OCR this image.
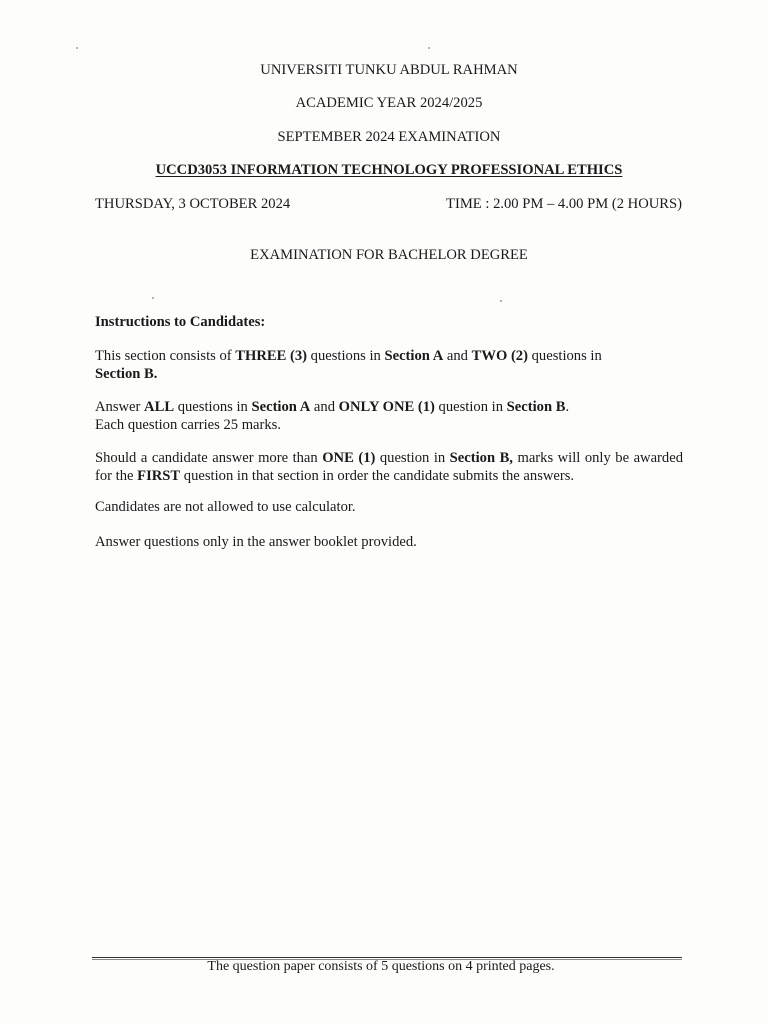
UNIVERSITI TUNKU ABDUL RAHMAN
ACADEMIC YEAR 2024/2025
SEPTEMBER 2024 EXAMINATION
UCCD3053 INFORMATION TECHNOLOGY PROFESSIONAL ETHICS
THURSDAY, 3 OCTOBER 2024	TIME : 2.00 PM – 4.00 PM (2 HOURS)
EXAMINATION FOR BACHELOR DEGREE
Instructions to Candidates:
This section consists of THREE (3) questions in Section A and TWO (2) questions in
Section B.
Answer ALL questions in Section A and ONLY ONE (1) question in Section B.
Each question carries 25 marks.
Should a candidate answer more than ONE (1) question in Section B, marks will only be awarded for the FIRST question in that section in order the candidate submits the answers.
Candidates are not allowed to use calculator.
Answer questions only in the answer booklet provided.
The question paper consists of 5 questions on 4 printed pages.
